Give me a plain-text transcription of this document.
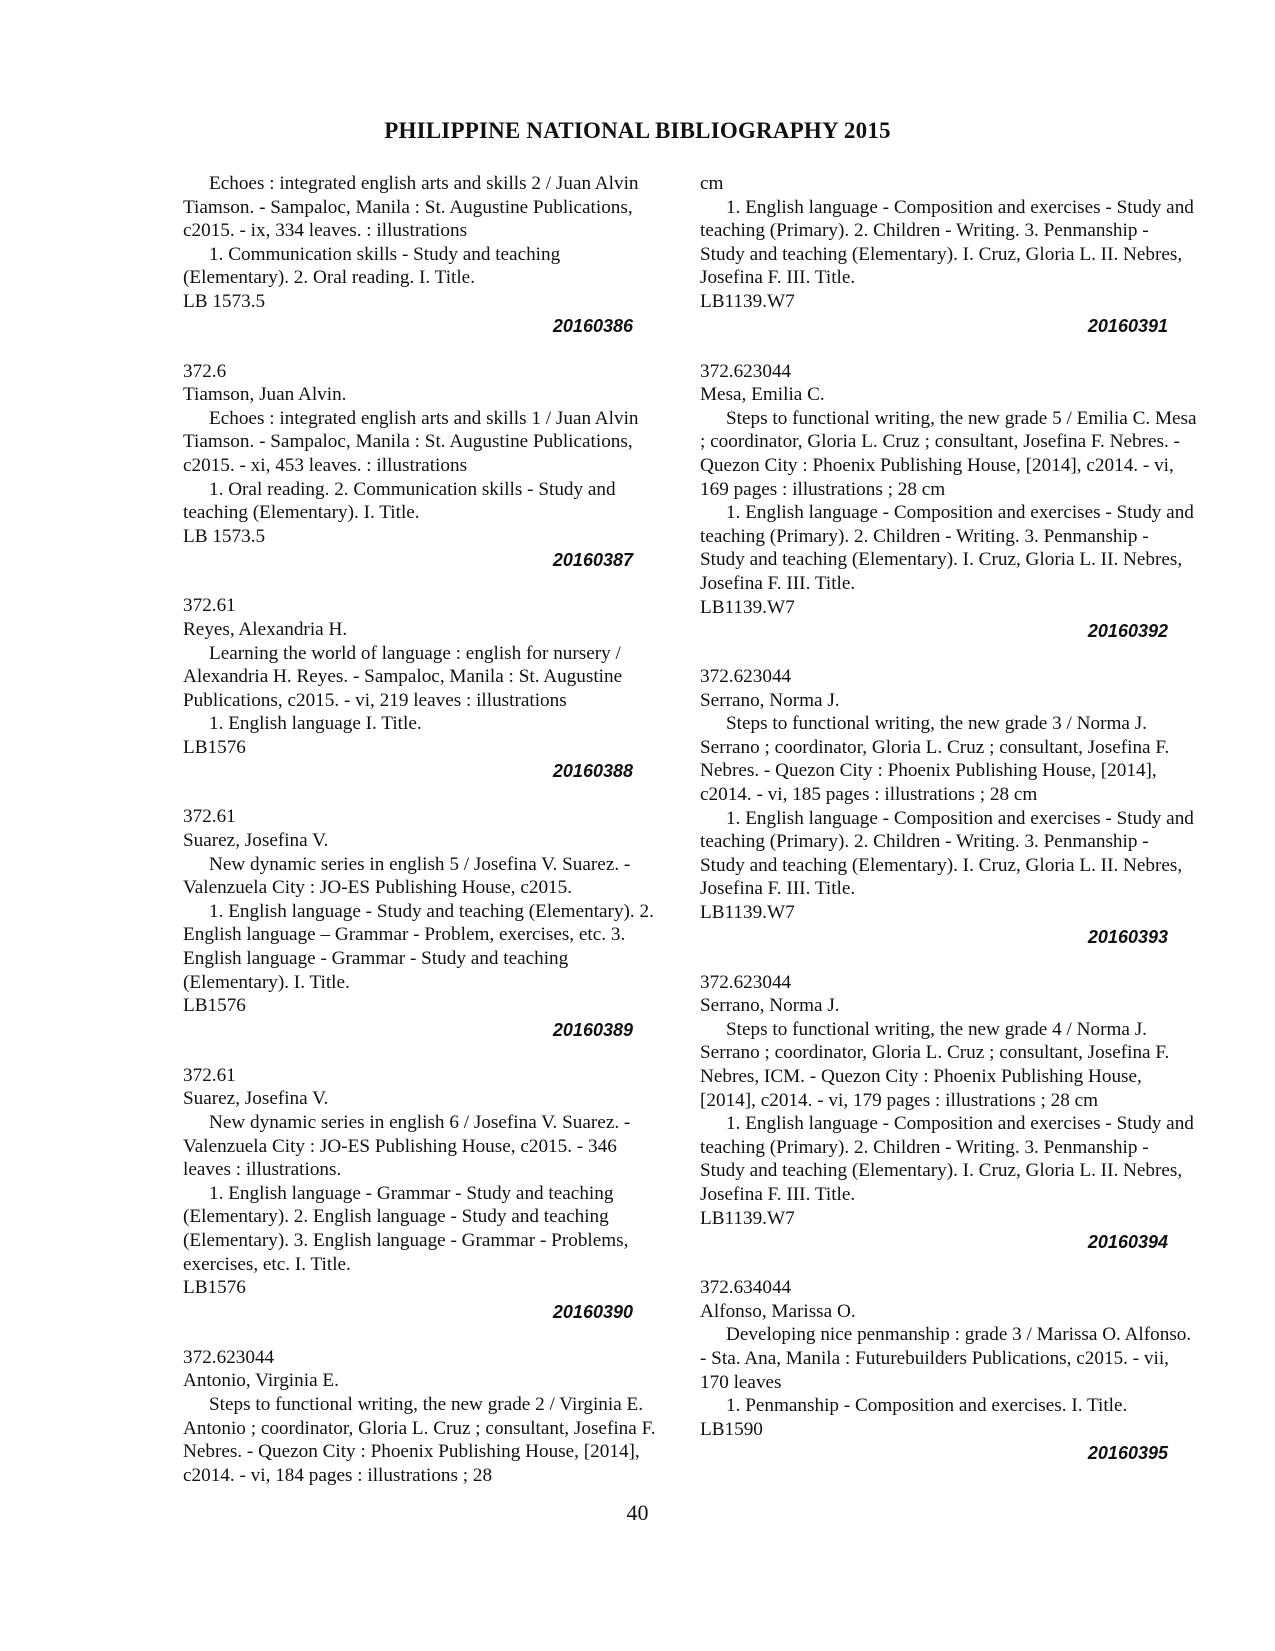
PHILIPPINE NATIONAL BIBLIOGRAPHY 2015

Echoes : integrated english arts and skills 2 / Juan Alvin Tiamson. - Sampaloc, Manila : St. Augustine Publications, c2015. - ix, 334 leaves. : illustrations

1. Communication skills - Study and teaching (Elementary). 2. Oral reading. I. Title.

LB 1573.5

20160386

372.6

Tiamson, Juan Alvin.

Echoes : integrated english arts and skills 1 / Juan Alvin Tiamson. - Sampaloc, Manila : St. Augustine Publications, c2015. - xi, 453 leaves. : illustrations

1. Oral reading. 2. Communication skills - Study and teaching (Elementary). I. Title.

LB 1573.5

20160387

372.61

Reyes, Alexandria H.

Learning the world of language : english for nursery / Alexandria H. Reyes. - Sampaloc, Manila : St. Augustine Publications, c2015. - vi, 219 leaves : illustrations

1. English language I. Title.

LB1576

20160388

372.61

Suarez, Josefina V.

New dynamic series in english 5 / Josefina V. Suarez. - Valenzuela City : JO-ES Publishing House, c2015.

1. English language - Study and teaching (Elementary). 2. English language – Grammar - Problem, exercises, etc. 3. English language - Grammar - Study and teaching (Elementary). I. Title.

LB1576

20160389

372.61

Suarez, Josefina V.

New dynamic series in english 6 / Josefina V. Suarez. - Valenzuela City : JO-ES Publishing House, c2015. - 346 leaves : illustrations.

1. English language - Grammar - Study and teaching (Elementary). 2. English language - Study and teaching (Elementary). 3. English language - Grammar - Problems, exercises, etc. I. Title.

LB1576

20160390

372.623044

Antonio, Virginia E.

Steps to functional writing, the new grade 2 / Virginia E. Antonio ; coordinator, Gloria L. Cruz ; consultant, Josefina F. Nebres. - Quezon City : Phoenix Publishing House, [2014], c2014. - vi, 184 pages : illustrations ; 28

cm

1. English language - Composition and exercises - Study and teaching (Primary). 2. Children - Writing. 3. Penmanship - Study and teaching (Elementary). I. Cruz, Gloria L. II. Nebres, Josefina F. III. Title.

LB1139.W7

20160391

372.623044

Mesa, Emilia C.

Steps to functional writing, the new grade 5 / Emilia C. Mesa ; coordinator, Gloria L. Cruz ; consultant, Josefina F. Nebres. - Quezon City : Phoenix Publishing House, [2014], c2014. - vi, 169 pages : illustrations ; 28 cm

1. English language - Composition and exercises - Study and teaching (Primary). 2. Children - Writing. 3. Penmanship - Study and teaching (Elementary). I. Cruz, Gloria L. II. Nebres, Josefina F. III. Title.

LB1139.W7

20160392

372.623044

Serrano, Norma J.

Steps to functional writing, the new grade 3 / Norma J. Serrano ; coordinator, Gloria L. Cruz ; consultant, Josefina F. Nebres. - Quezon City : Phoenix Publishing House, [2014], c2014. - vi, 185 pages : illustrations ; 28 cm

1. English language - Composition and exercises - Study and teaching (Primary). 2. Children - Writing. 3. Penmanship - Study and teaching (Elementary). I. Cruz, Gloria L. II. Nebres, Josefina F. III. Title.

LB1139.W7

20160393

372.623044

Serrano, Norma J.

Steps to functional writing, the new grade 4 / Norma J. Serrano ; coordinator, Gloria L. Cruz ; consultant, Josefina F. Nebres, ICM. - Quezon City : Phoenix Publishing House, [2014], c2014. - vi, 179 pages : illustrations ; 28 cm

1. English language - Composition and exercises - Study and teaching (Primary). 2. Children - Writing. 3. Penmanship - Study and teaching (Elementary). I. Cruz, Gloria L. II. Nebres, Josefina F. III. Title.

LB1139.W7

20160394

372.634044

Alfonso, Marissa O.

Developing nice penmanship : grade 3 / Marissa O. Alfonso. - Sta. Ana, Manila : Futurebuilders Publications, c2015. - vii, 170 leaves

1. Penmanship - Composition and exercises. I. Title.

LB1590

20160395

40
